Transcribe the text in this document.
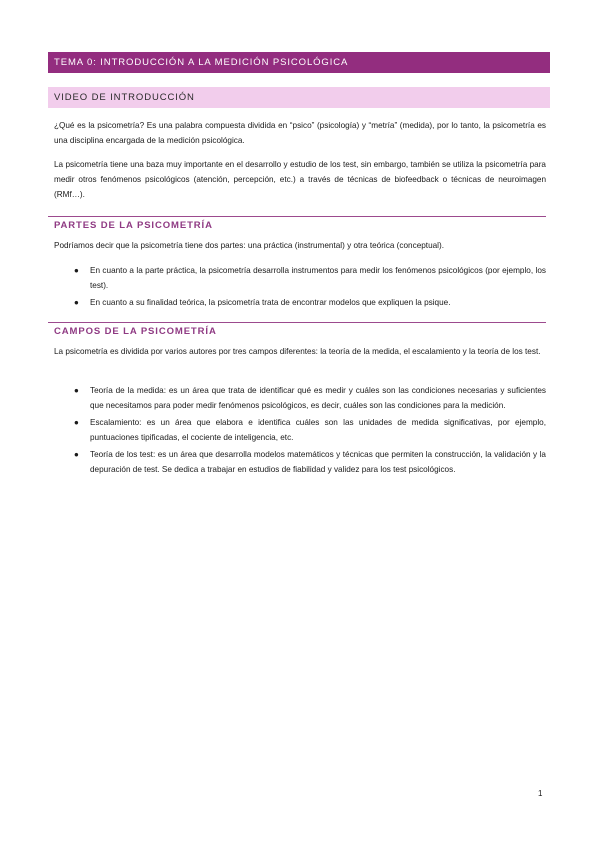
TEMA 0: INTRODUCCIÓN A LA MEDICIÓN PSICOLÓGICA
VIDEO DE INTRODUCCIÓN

¿Qué es la psicometría? Es una palabra compuesta dividida en “psico” (psicología) y “metría” (medida), por lo tanto, la psicometría es una disciplina encargada de la medición psicológica.

La psicometría tiene una baza muy importante en el desarrollo y estudio de los test, sin embargo, también se utiliza la psicometría para medir otros fenómenos psicológicos (atención, percepción, etc.) a través de técnicas de biofeedback o técnicas de neuroimagen (RMf…).

PARTES DE LA PSICOMETRÍA

Podríamos decir que la psicometría tiene dos partes: una práctica (instrumental) y otra teórica (conceptual).

● En cuanto a la parte práctica, la psicometría desarrolla instrumentos para medir los fenómenos psicológicos (por ejemplo, los test).
● En cuanto a su finalidad teórica, la psicometría trata de encontrar modelos que expliquen la psique.
CAMPOS DE LA PSICOMETRÍA

La psicometría es dividida por varios autores por tres campos diferentes: la teoría de la medida, el escalamiento y la teoría de los test.

● Teoría de la medida: es un área que trata de identificar qué es medir y cuáles son las condiciones necesarias y suficientes que necesitamos para poder medir fenómenos psicológicos, es decir, cuáles son las condiciones para la medición.
● Escalamiento: es un área que elabora e identifica cuáles son las unidades de medida significativas, por ejemplo, puntuaciones tipificadas, el cociente de inteligencia, etc.
● Teoría de los test: es un área que desarrolla modelos matemáticos y técnicas que permiten la construcción, la validación y la depuración de test. Se dedica a trabajar en estudios de fiabilidad y validez para los test psicológicos.
1
